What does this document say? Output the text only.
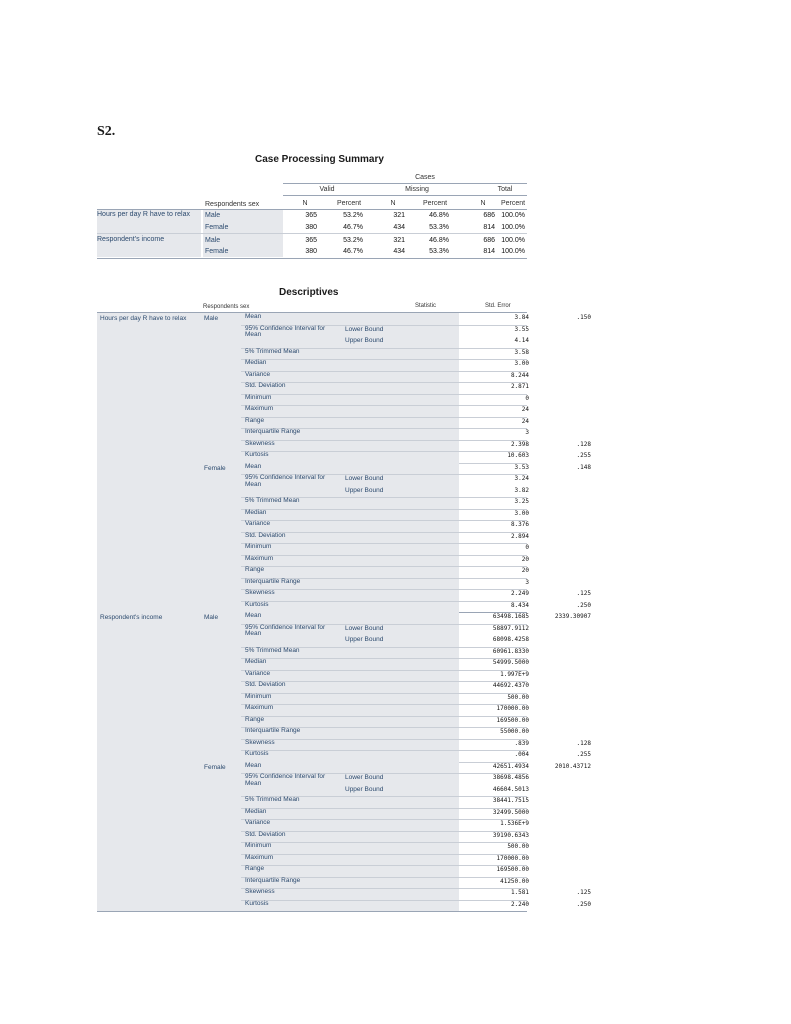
S2.
Case Processing Summary
Cases
Valid	Missing	Total
Respondents sex	N	Percent	N	Percent	N	Percent
Hours per day R have to relax	Male	365	53.2%	321	46.8%	686 100.0%
Female	380	46.7%	434	53.3%	814 100.0%
Respondent's income	Male	365	53.2%	321	46.8%	686 100.0%
Female	380	46.7%	434	53.3%	814 100.0%
Descriptives
Respondents sex	Statistic	Std. Error
Hours per day R have to relax	Male	Mean	3.84	.150
95% Confidence Interval for Mean
Lower Bound	3.55
Upper Bound	4.14
5% Trimmed Mean	3.58
Median	3.00
Variance	8.244
Std. Deviation	2.871
Minimum	0
Maximum	24
Range	24
Interquartile Range	3
Skewness	2.398	.128
Kurtosis	10.603	.255
Female	Mean	3.53	.148
95% Confidence Interval for Mean
Lower Bound	3.24
Upper Bound	3.82
5% Trimmed Mean	3.25
Median	3.00
Variance	8.376
Std. Deviation	2.894
Minimum	0
Maximum	20
Range	20
Interquartile Range	3
Skewness	2.249	.125
Kurtosis	8.434	.250
Respondent's income	Male	Mean	63498.1685	2339.30907
95% Confidence Interval for Mean
Lower Bound	58897.9112
Upper Bound	68098.4258
5% Trimmed Mean	60961.8330
Median	54999.5000
Variance	1.997E+9
Std. Deviation	44692.4370
Minimum	500.00
Maximum	170000.00
Range	169500.00
Interquartile Range	55000.00
Skewness	.839	.128
Kurtosis	.004	.255
Female	Mean	42651.4934	2010.43712
95% Confidence Interval for Mean
Lower Bound	38698.4856
Upper Bound	46604.5013
5% Trimmed Mean	38441.7515
Median	32499.5000
Variance	1.536E+9
Std. Deviation	39190.6343
Minimum	500.00
Maximum	170000.00
Range	169500.00
Interquartile Range	41250.00
Skewness	1.581	.125
Kurtosis	2.240	.250
